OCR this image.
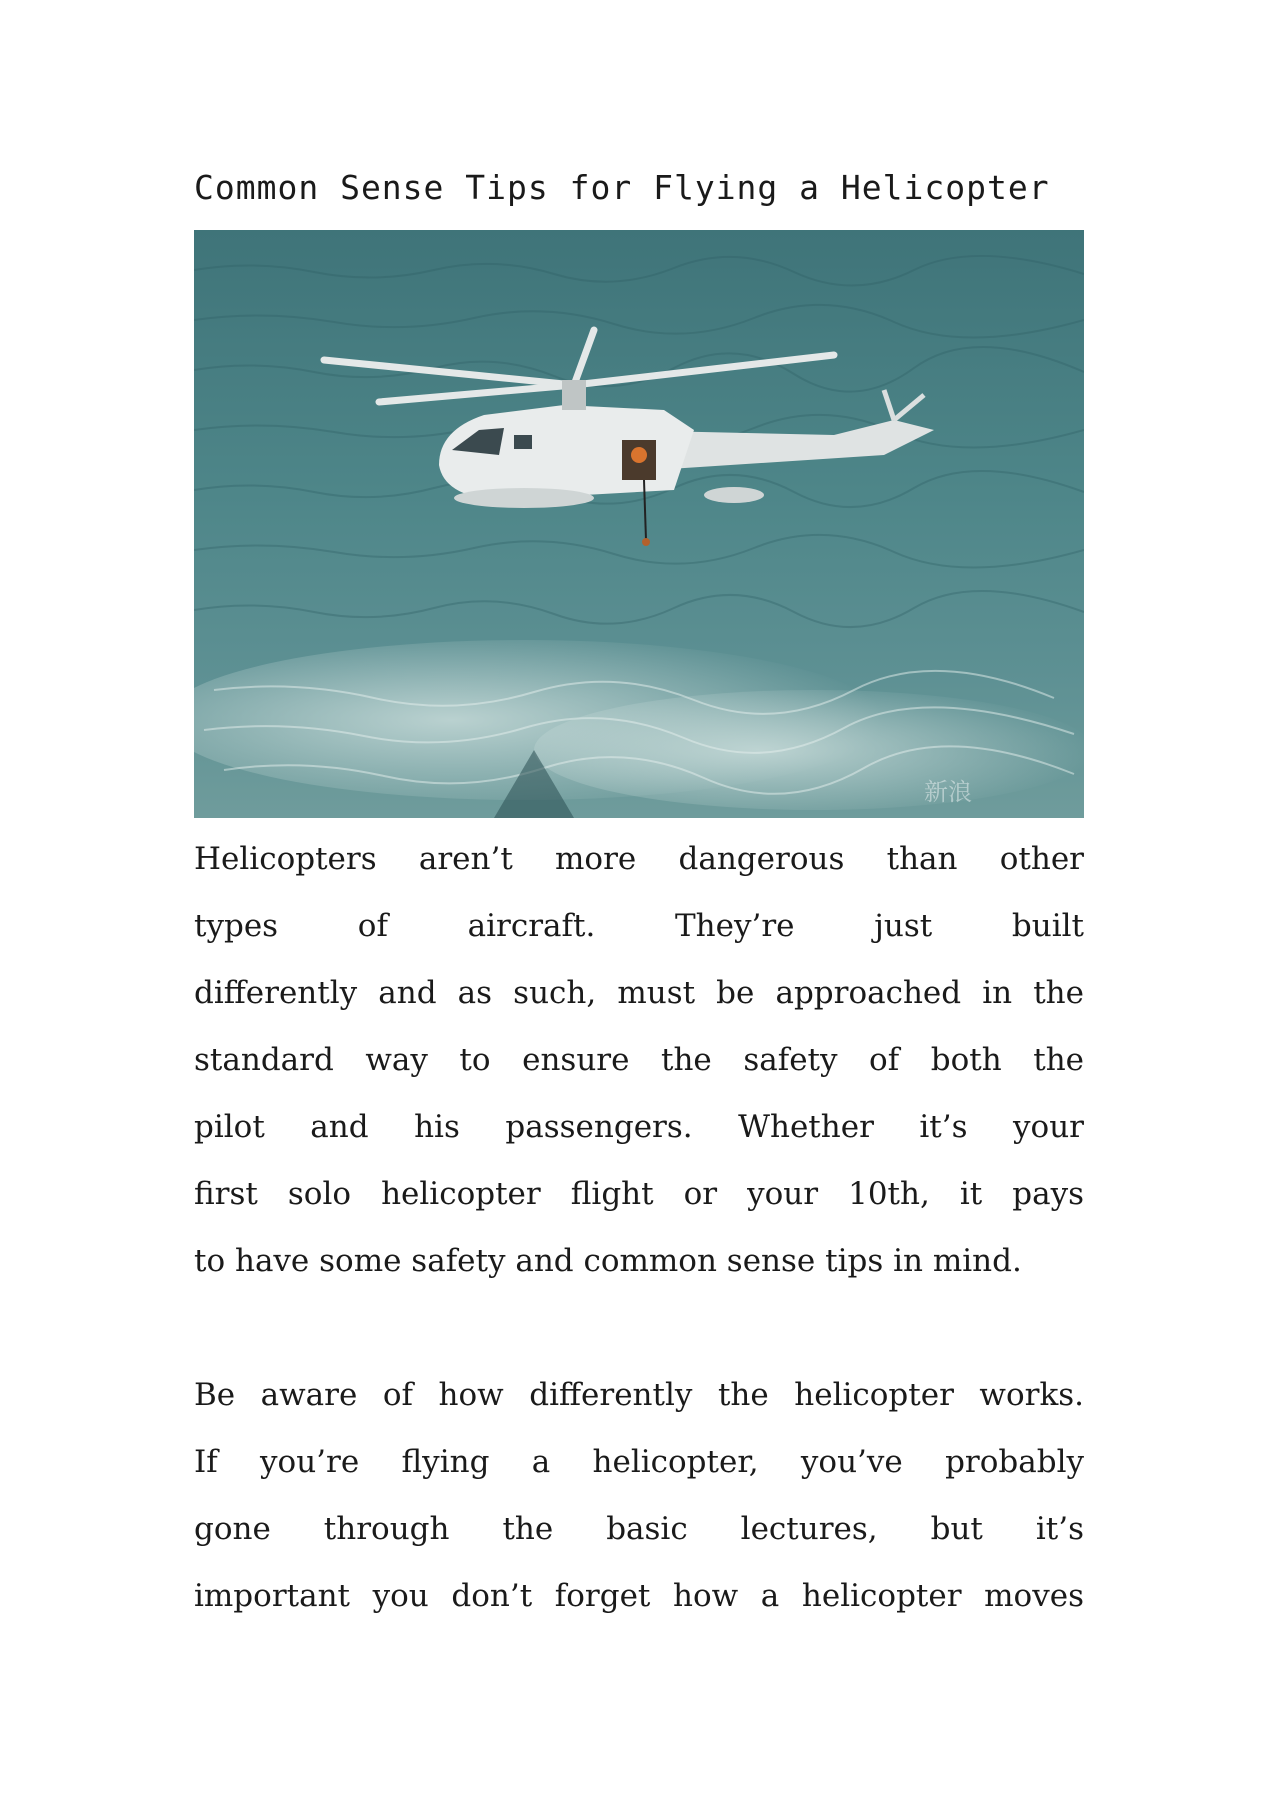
Common Sense Tips for Flying a Helicopter
新浪
Helicopters aren’t more dangerous than other
types of aircraft. They’re just built
differently and as such, must be approached in the
standard way to ensure the safety of both the
pilot and his passengers. Whether it’s your
first solo helicopter flight or your 10th, it pays
to have some safety and common sense tips in mind.
Be aware of how differently the helicopter works.
If you’re flying a helicopter, you’ve probably
gone through the basic lectures, but it’s
important you don’t forget how a helicopter moves
